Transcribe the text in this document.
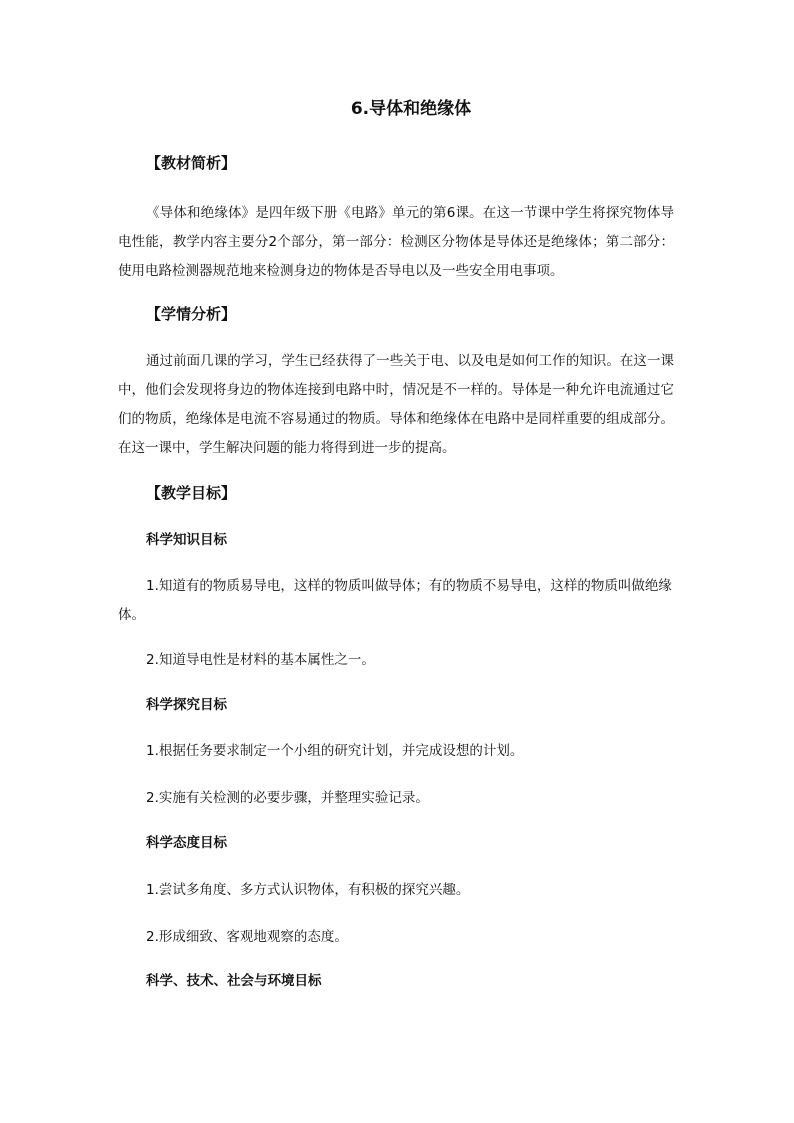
6.导体和绝缘体
【教材简析】
《导体和绝缘体》是四年级下册《电路》单元的第6课。在这一节课中学生将探究物体导电性能，教学内容主要分2个部分，第一部分：检测区分物体是导体还是绝缘体；第二部分：使用电路检测器规范地来检测身边的物体是否导电以及一些安全用电事项。
【学情分析】
通过前面几课的学习，学生已经获得了一些关于电、以及电是如何工作的知识。在这一课中，他们会发现将身边的物体连接到电路中时，情况是不一样的。导体是一种允许电流通过它们的物质，绝缘体是电流不容易通过的物质。导体和绝缘体在电路中是同样重要的组成部分。在这一课中，学生解决问题的能力将得到进一步的提高。
【教学目标】
科学知识目标
1.知道有的物质易导电，这样的物质叫做导体；有的物质不易导电，这样的物质叫做绝缘体。
2.知道导电性是材料的基本属性之一。
科学探究目标
1.根据任务要求制定一个小组的研究计划，并完成设想的计划。
2.实施有关检测的必要步骤，并整理实验记录。
科学态度目标
1.尝试多角度、多方式认识物体，有积极的探究兴趣。
2.形成细致、客观地观察的态度。
科学、技术、社会与环境目标
